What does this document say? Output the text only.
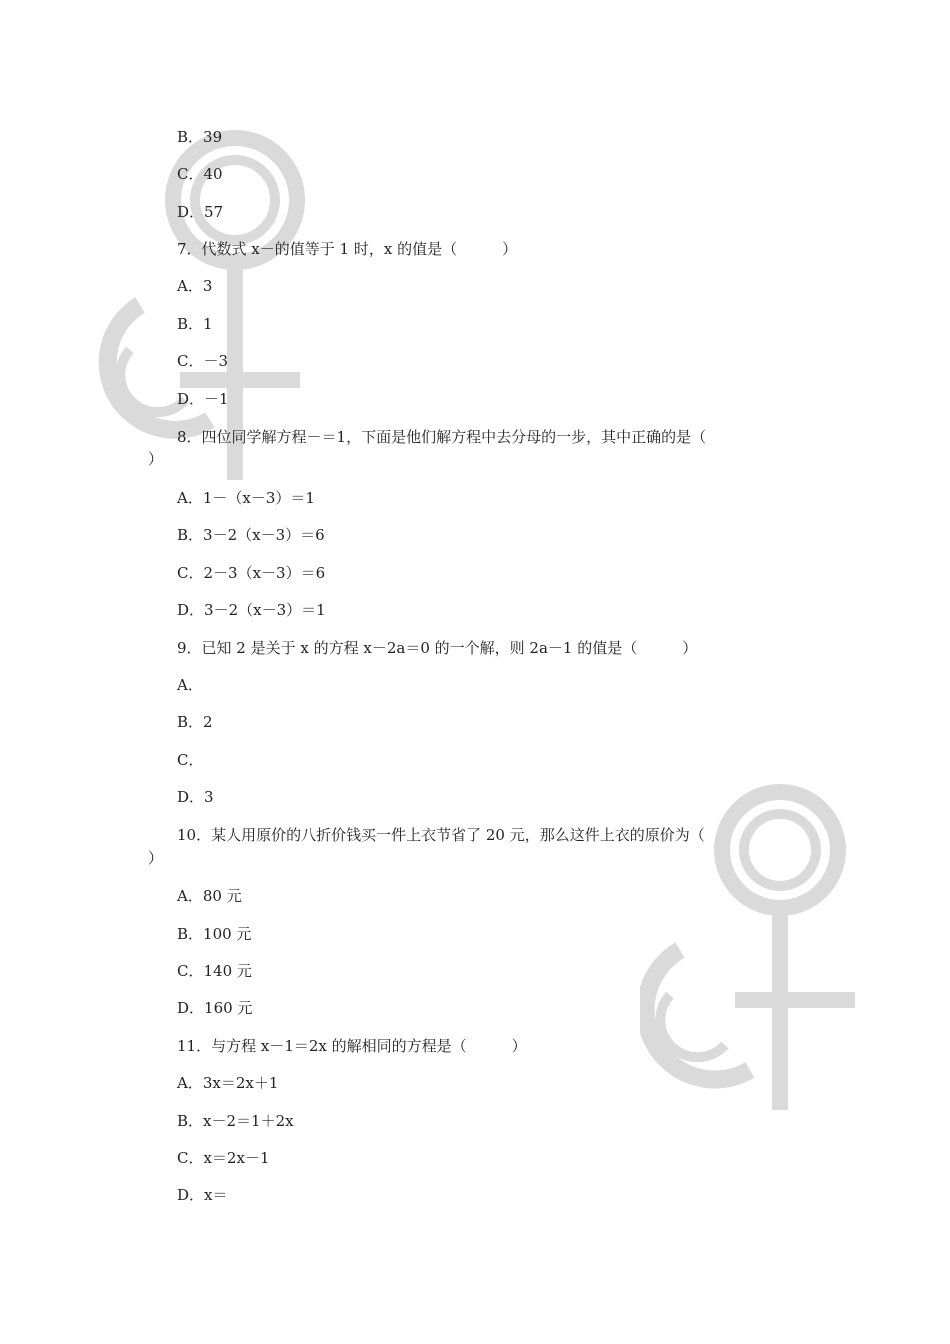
B．39
C．40
D．57
7．代数式 x－的值等于 1 时，x 的值是（　　　）
A．3
B．1
C．－3
D．－1
8．四位同学解方程－＝1，下面是他们解方程中去分母的一步，其中正确的是（
）
A．1－（x－3）＝1
B．3－2（x－3）＝6
C．2－3（x－3）＝6
D．3－2（x－3）＝1
9．已知 2 是关于 x 的方程 x－2a＝0 的一个解，则 2a－1 的值是（　　　）
A．
B．2
C．
D．3
10．某人用原价的八折价钱买一件上衣节省了 20 元，那么这件上衣的原价为（
）
A．80 元
B．100 元
C．140 元
D．160 元
11．与方程 x－1＝2x 的解相同的方程是（　　　）
A．3x＝2x＋1
B．x－2＝1＋2x
C．x＝2x－1
D．x＝
